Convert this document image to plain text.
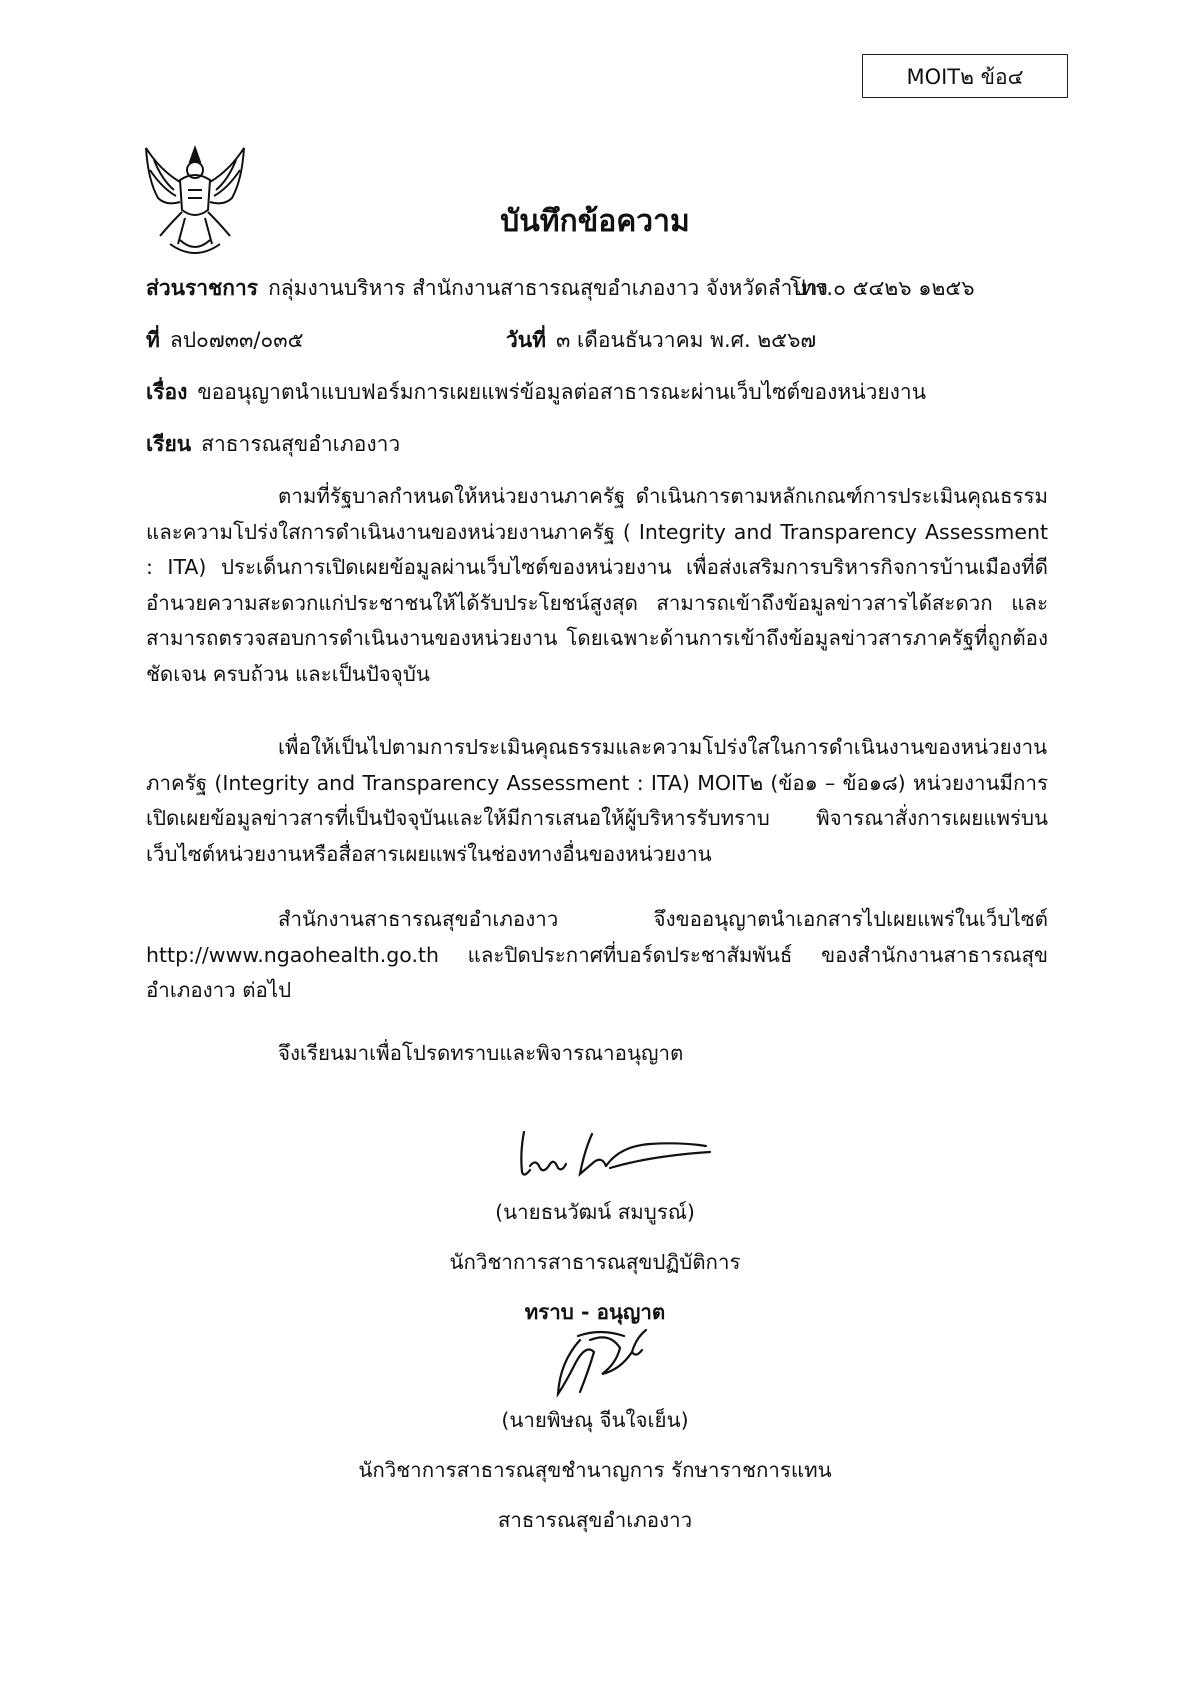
MOIT๒ ข้อ๔
บันทึกข้อความ
ส่วนราชการ กลุ่มงานบริหาร สำนักงานสาธารณสุขอำเภองาว จังหวัดลำปาง
โทร.๐ ๕๔๒๖ ๑๒๕๖
ที่ ลป๐๗๓๓/๐๓๕	วันที่ ๓ เดือนธันวาคม พ.ศ. ๒๕๖๗
เรื่อง ขออนุญาตนำแบบฟอร์มการเผยแพร่ข้อมูลต่อสาธารณะผ่านเว็บไซต์ของหน่วยงาน
เรียน สาธารณสุขอำเภองาว
ตามที่รัฐบาลกำหนดให้หน่วยงานภาครัฐ ดำเนินการตามหลักเกณฑ์การประเมินคุณธรรม และความโปร่งใสการดำเนินงานของหน่วยงานภาครัฐ ( Integrity and Transparency Assessment : ITA) ประเด็นการเปิดเผยข้อมูลผ่านเว็บไซต์ของหน่วยงาน เพื่อส่งเสริมการบริหารกิจการบ้านเมืองที่ดี อำนวยความสะดวกแก่ประชาชนให้ได้รับประโยชน์สูงสุด สามารถเข้าถึงข้อมูลข่าวสารได้สะดวก และสามารถตรวจสอบการดำเนินงานของหน่วยงาน โดยเฉพาะด้านการเข้าถึงข้อมูลข่าวสารภาครัฐที่ถูกต้อง ชัดเจน ครบถ้วน และเป็นปัจจุบัน
เพื่อให้เป็นไปตามการประเมินคุณธรรมและความโปร่งใสในการดำเนินงานของหน่วยงานภาครัฐ (Integrity and Transparency Assessment : ITA) MOIT๒ (ข้อ๑ – ข้อ๑๘) หน่วยงานมีการเปิดเผยข้อมูลข่าวสารที่เป็นปัจจุบันและให้มีการเสนอให้ผู้บริหารรับทราบ พิจารณาสั่งการเผยแพร่บนเว็บไซต์หน่วยงานหรือสื่อสารเผยแพร่ในช่องทางอื่นของหน่วยงาน
สำนักงานสาธารณสุขอำเภองาว จึงขออนุญาตนำเอกสารไปเผยแพร่ในเว็บไซต์ http://www.ngaohealth.go.th และปิดประกาศที่บอร์ดประชาสัมพันธ์ ของสำนักงานสาธารณสุขอำเภองาว ต่อไป
จึงเรียนมาเพื่อโปรดทราบและพิจารณาอนุญาต
(นายธนวัฒน์ สมบูรณ์)
นักวิชาการสาธารณสุขปฏิบัติการ
ทราบ - อนุญาต
(นายพิษณุ จีนใจเย็น)
นักวิชาการสาธารณสุขชำนาญการ รักษาราชการแทน
สาธารณสุขอำเภองาว
